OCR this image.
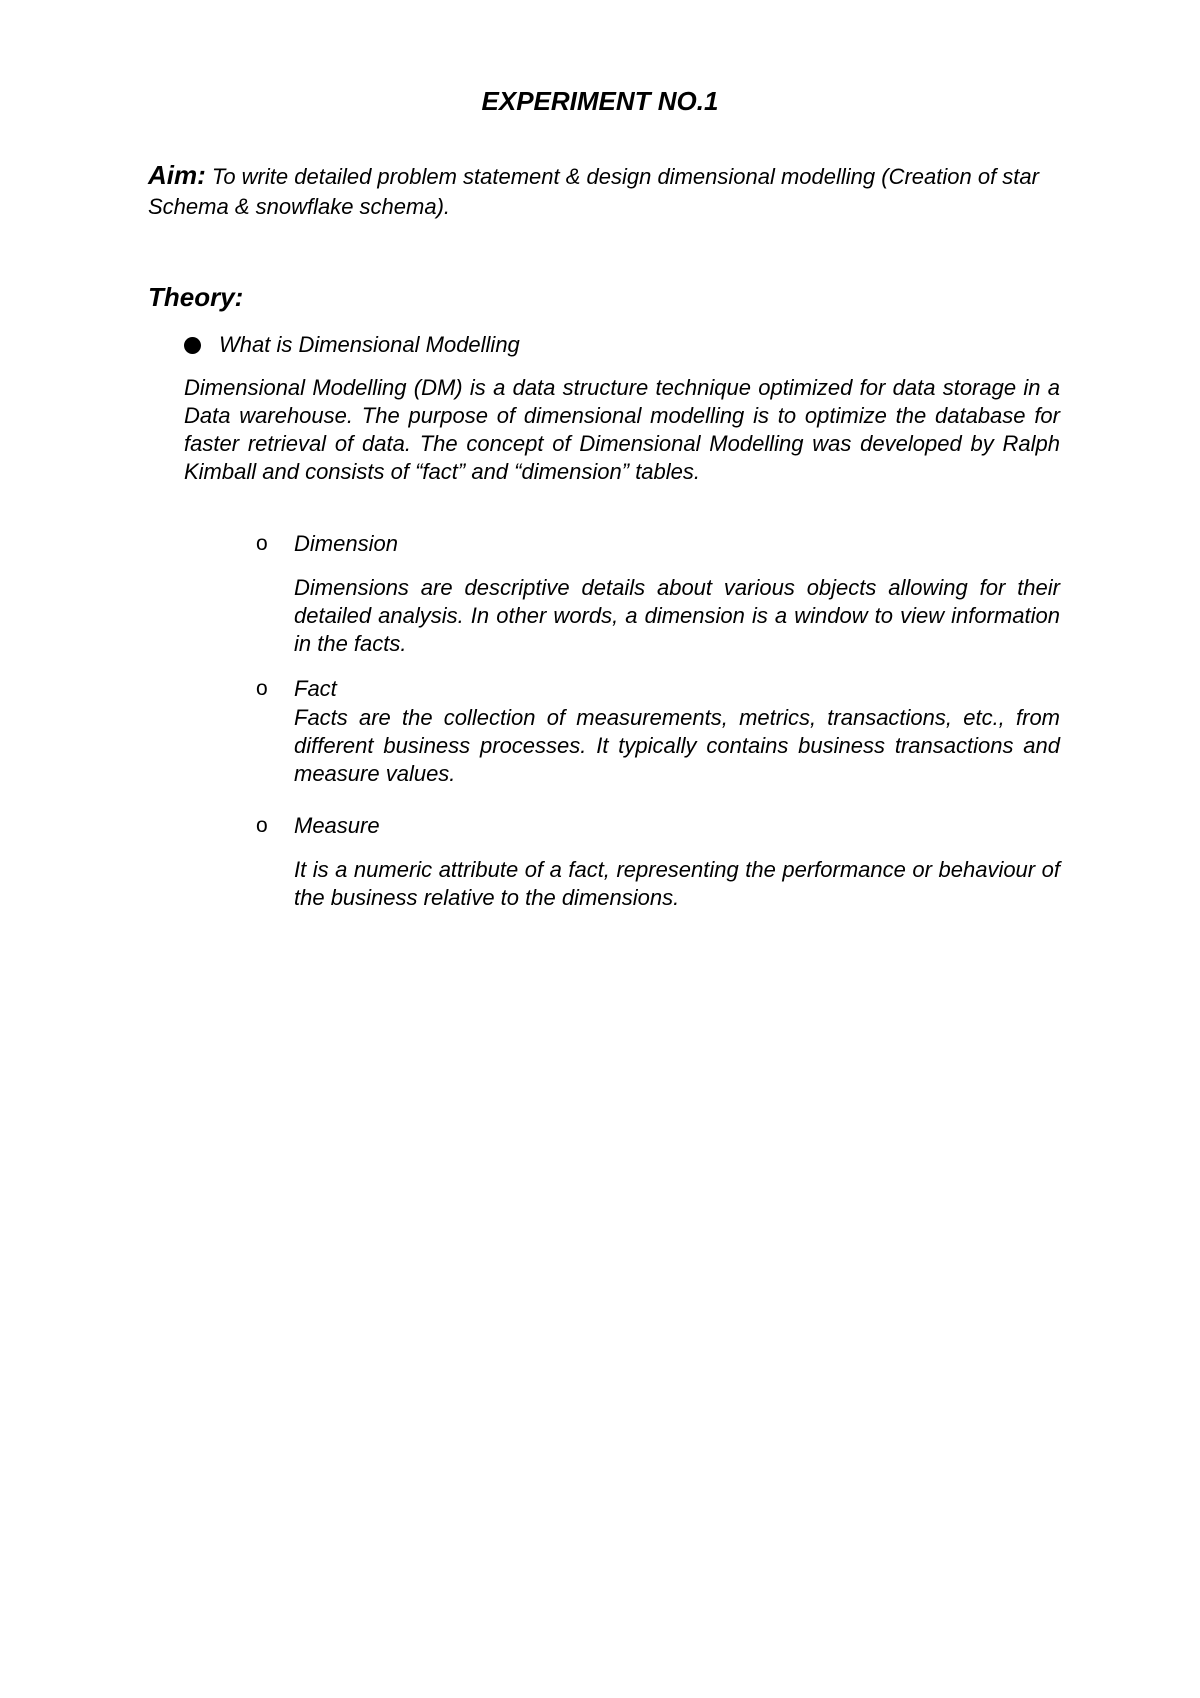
EXPERIMENT NO.1
Aim: To write detailed problem statement & design dimensional modelling (Creation of star Schema & snowflake schema).
Theory:
What is Dimensional Modelling

Dimensional Modelling (DM) is a data structure technique optimized for data storage in a Data warehouse. The purpose of dimensional modelling is to optimize the database for faster retrieval of data. The concept of Dimensional Modelling was developed by Ralph Kimball and consists of “fact” and “dimension” tables.

o	Dimension

Dimensions are descriptive details about various objects allowing for their detailed analysis. In other words, a dimension is a window to view information in the facts.

o	Fact

Facts are the collection of measurements, metrics, transactions, etc., from different business processes. It typically contains business transactions and measure values.

o	Measure

It is a numeric attribute of a fact, representing the performance or behaviour of the business relative to the dimensions.
